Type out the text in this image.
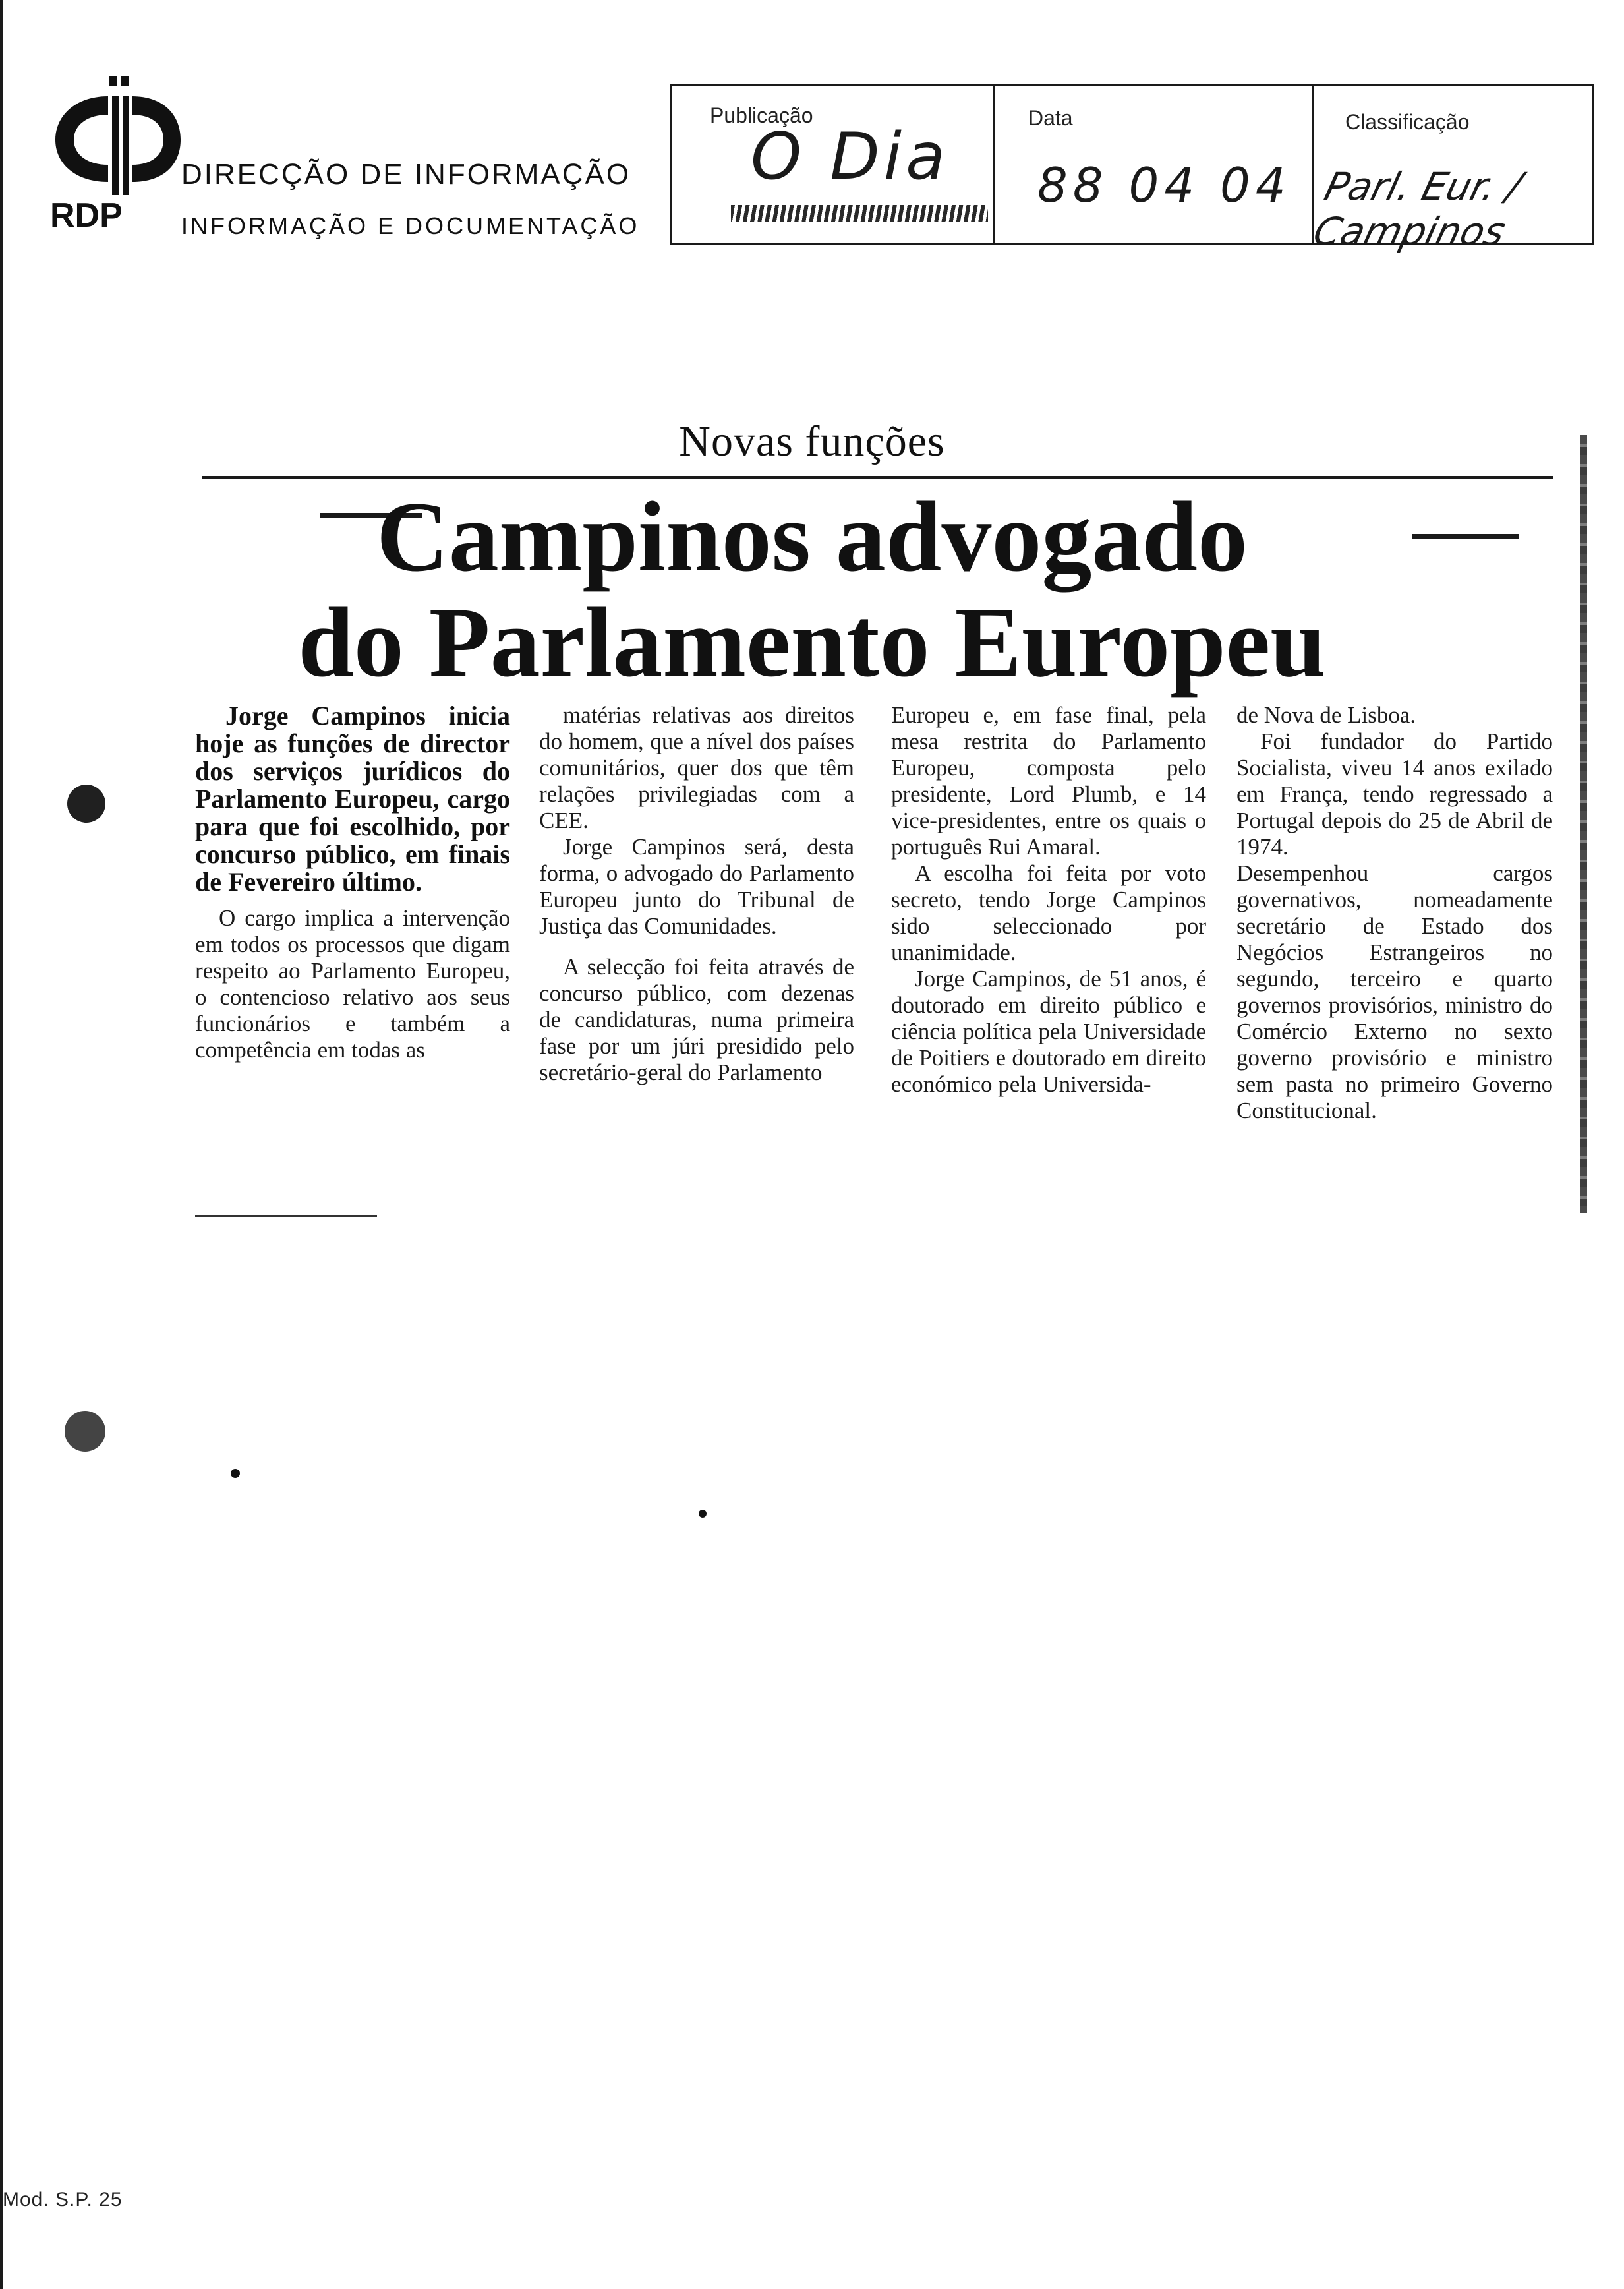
RDP
DIRECÇÃO DE INFORMAÇÃO
INFORMAÇÃO E DOCUMENTAÇÃO
Publicação
O Dia
Data
88 04 04
Classificação
Parl. Eur. / Campinos
Novas funções
Campinos advogado
do Parlamento Europeu

Jorge Campinos inicia hoje as funções de director dos serviços jurídicos do Parlamento Europeu, cargo para que foi escolhido, por concurso público, em finais de Fevereiro último.

O cargo implica a intervenção em todos os processos que digam respeito ao Parlamento Europeu, o contencioso relativo aos seus funcionários e também a competência em todas as

matérias relativas aos direitos do homem, que a nível dos países comunitários, quer dos que têm relações privilegiadas com a CEE.

Jorge Campinos será, desta forma, o advogado do Parlamento Europeu junto do Tribunal de Justiça das Comunidades.

A selecção foi feita através de concurso público, com dezenas de candidaturas, numa primeira fase por um júri presidido pelo secretário-geral do Parlamento

Europeu e, em fase final, pela mesa restrita do Parlamento Europeu, composta pelo presidente, Lord Plumb, e 14 vice-presidentes, entre os quais o português Rui Amaral.

A escolha foi feita por voto secreto, tendo Jorge Campinos sido seleccionado por unanimidade.

Jorge Campinos, de 51 anos, é doutorado em direito público e ciência política pela Universidade de Poitiers e doutorado em direito económico pela Universida-

de Nova de Lisboa.

Foi fundador do Partido Socialista, viveu 14 anos exilado em França, tendo regressado a Portugal depois do 25 de Abril de 1974.

Desempenhou cargos governativos, nomeadamente secretário de Estado dos Negócios Estrangeiros no segundo, terceiro e quarto governos provisórios, ministro do Comércio Externo no sexto governo provisório e ministro sem pasta no primeiro Governo Constitucional.

Mod. S.P. 25
